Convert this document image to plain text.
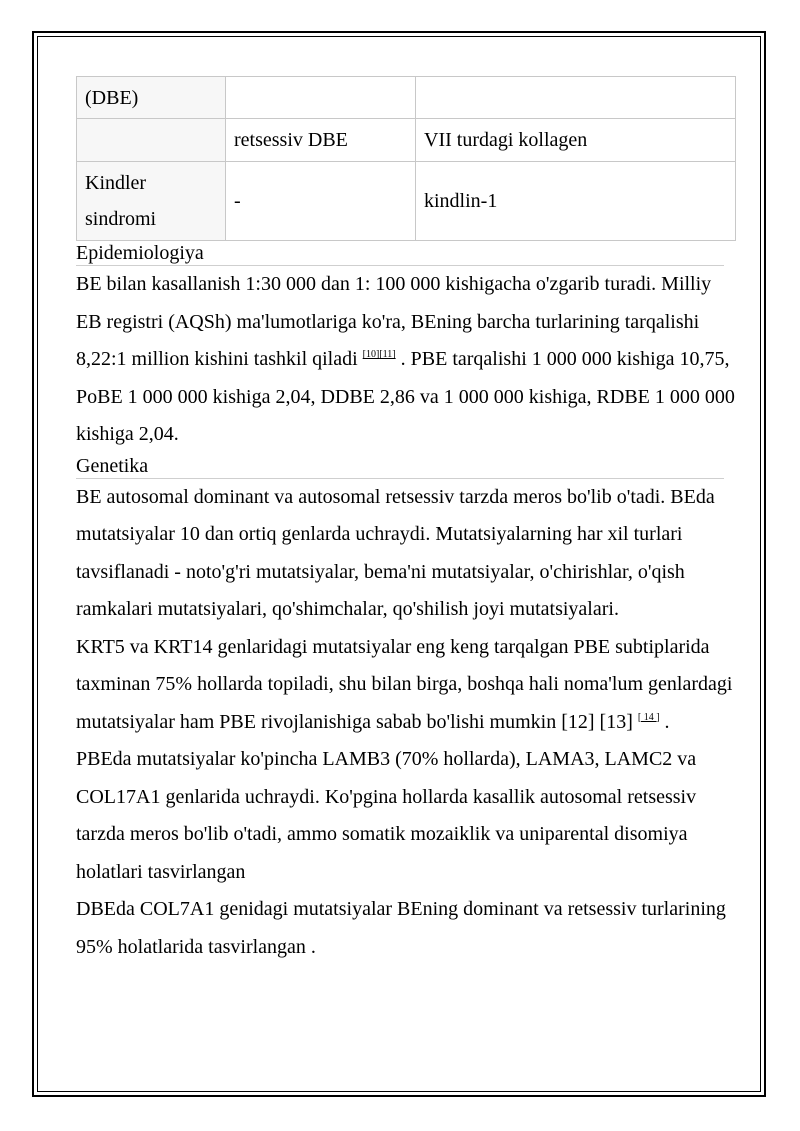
(DBE)		
	retsessiv DBE	VII turdagi kollagen
Kindler sindromi	-	kindlin-1
Epidemiologiya

BE bilan kasallanish 1:30 000 dan 1: 100 000 kishigacha o'zgarib turadi. Milliy EB registri (AQSh) ma'lumotlariga ko'ra, BEning barcha turlarining tarqalishi 8,22:1 million kishini tashkil qiladi [10][11] . PBE tarqalishi 1 000 000 kishiga 10,75, PoBE 1 000 000 kishiga 2,04, DDBE 2,86 va 1 000 000 kishiga, RDBE 1 000 000 kishiga 2,04.

Genetika

BE autosomal dominant va autosomal retsessiv tarzda meros bo'lib o'tadi. BEda mutatsiyalar 10 dan ortiq genlarda uchraydi. Mutatsiyalarning har xil turlari tavsiflanadi - noto'g'ri mutatsiyalar, bema'ni mutatsiyalar, o'chirishlar, o'qish ramkalari mutatsiyalari, qo'shimchalar, qo'shilish joyi mutatsiyalari.

KRT5 va KRT14 genlaridagi mutatsiyalar eng keng tarqalgan PBE subtiplarida taxminan 75% hollarda topiladi, shu bilan birga, boshqa hali noma'lum genlardagi mutatsiyalar ham PBE rivojlanishiga sabab bo'lishi mumkin [12] [13] [ 14 ] .

PBEda mutatsiyalar ko'pincha LAMB3 (70% hollarda), LAMA3, LAMC2 va COL17A1 genlarida uchraydi. Ko'pgina hollarda kasallik autosomal retsessiv tarzda meros bo'lib o'tadi, ammo somatik mozaiklik va uniparental disomiya holatlari tasvirlangan

DBEda COL7A1 genidagi mutatsiyalar BEning dominant va retsessiv turlarining 95% holatlarida tasvirlangan .
